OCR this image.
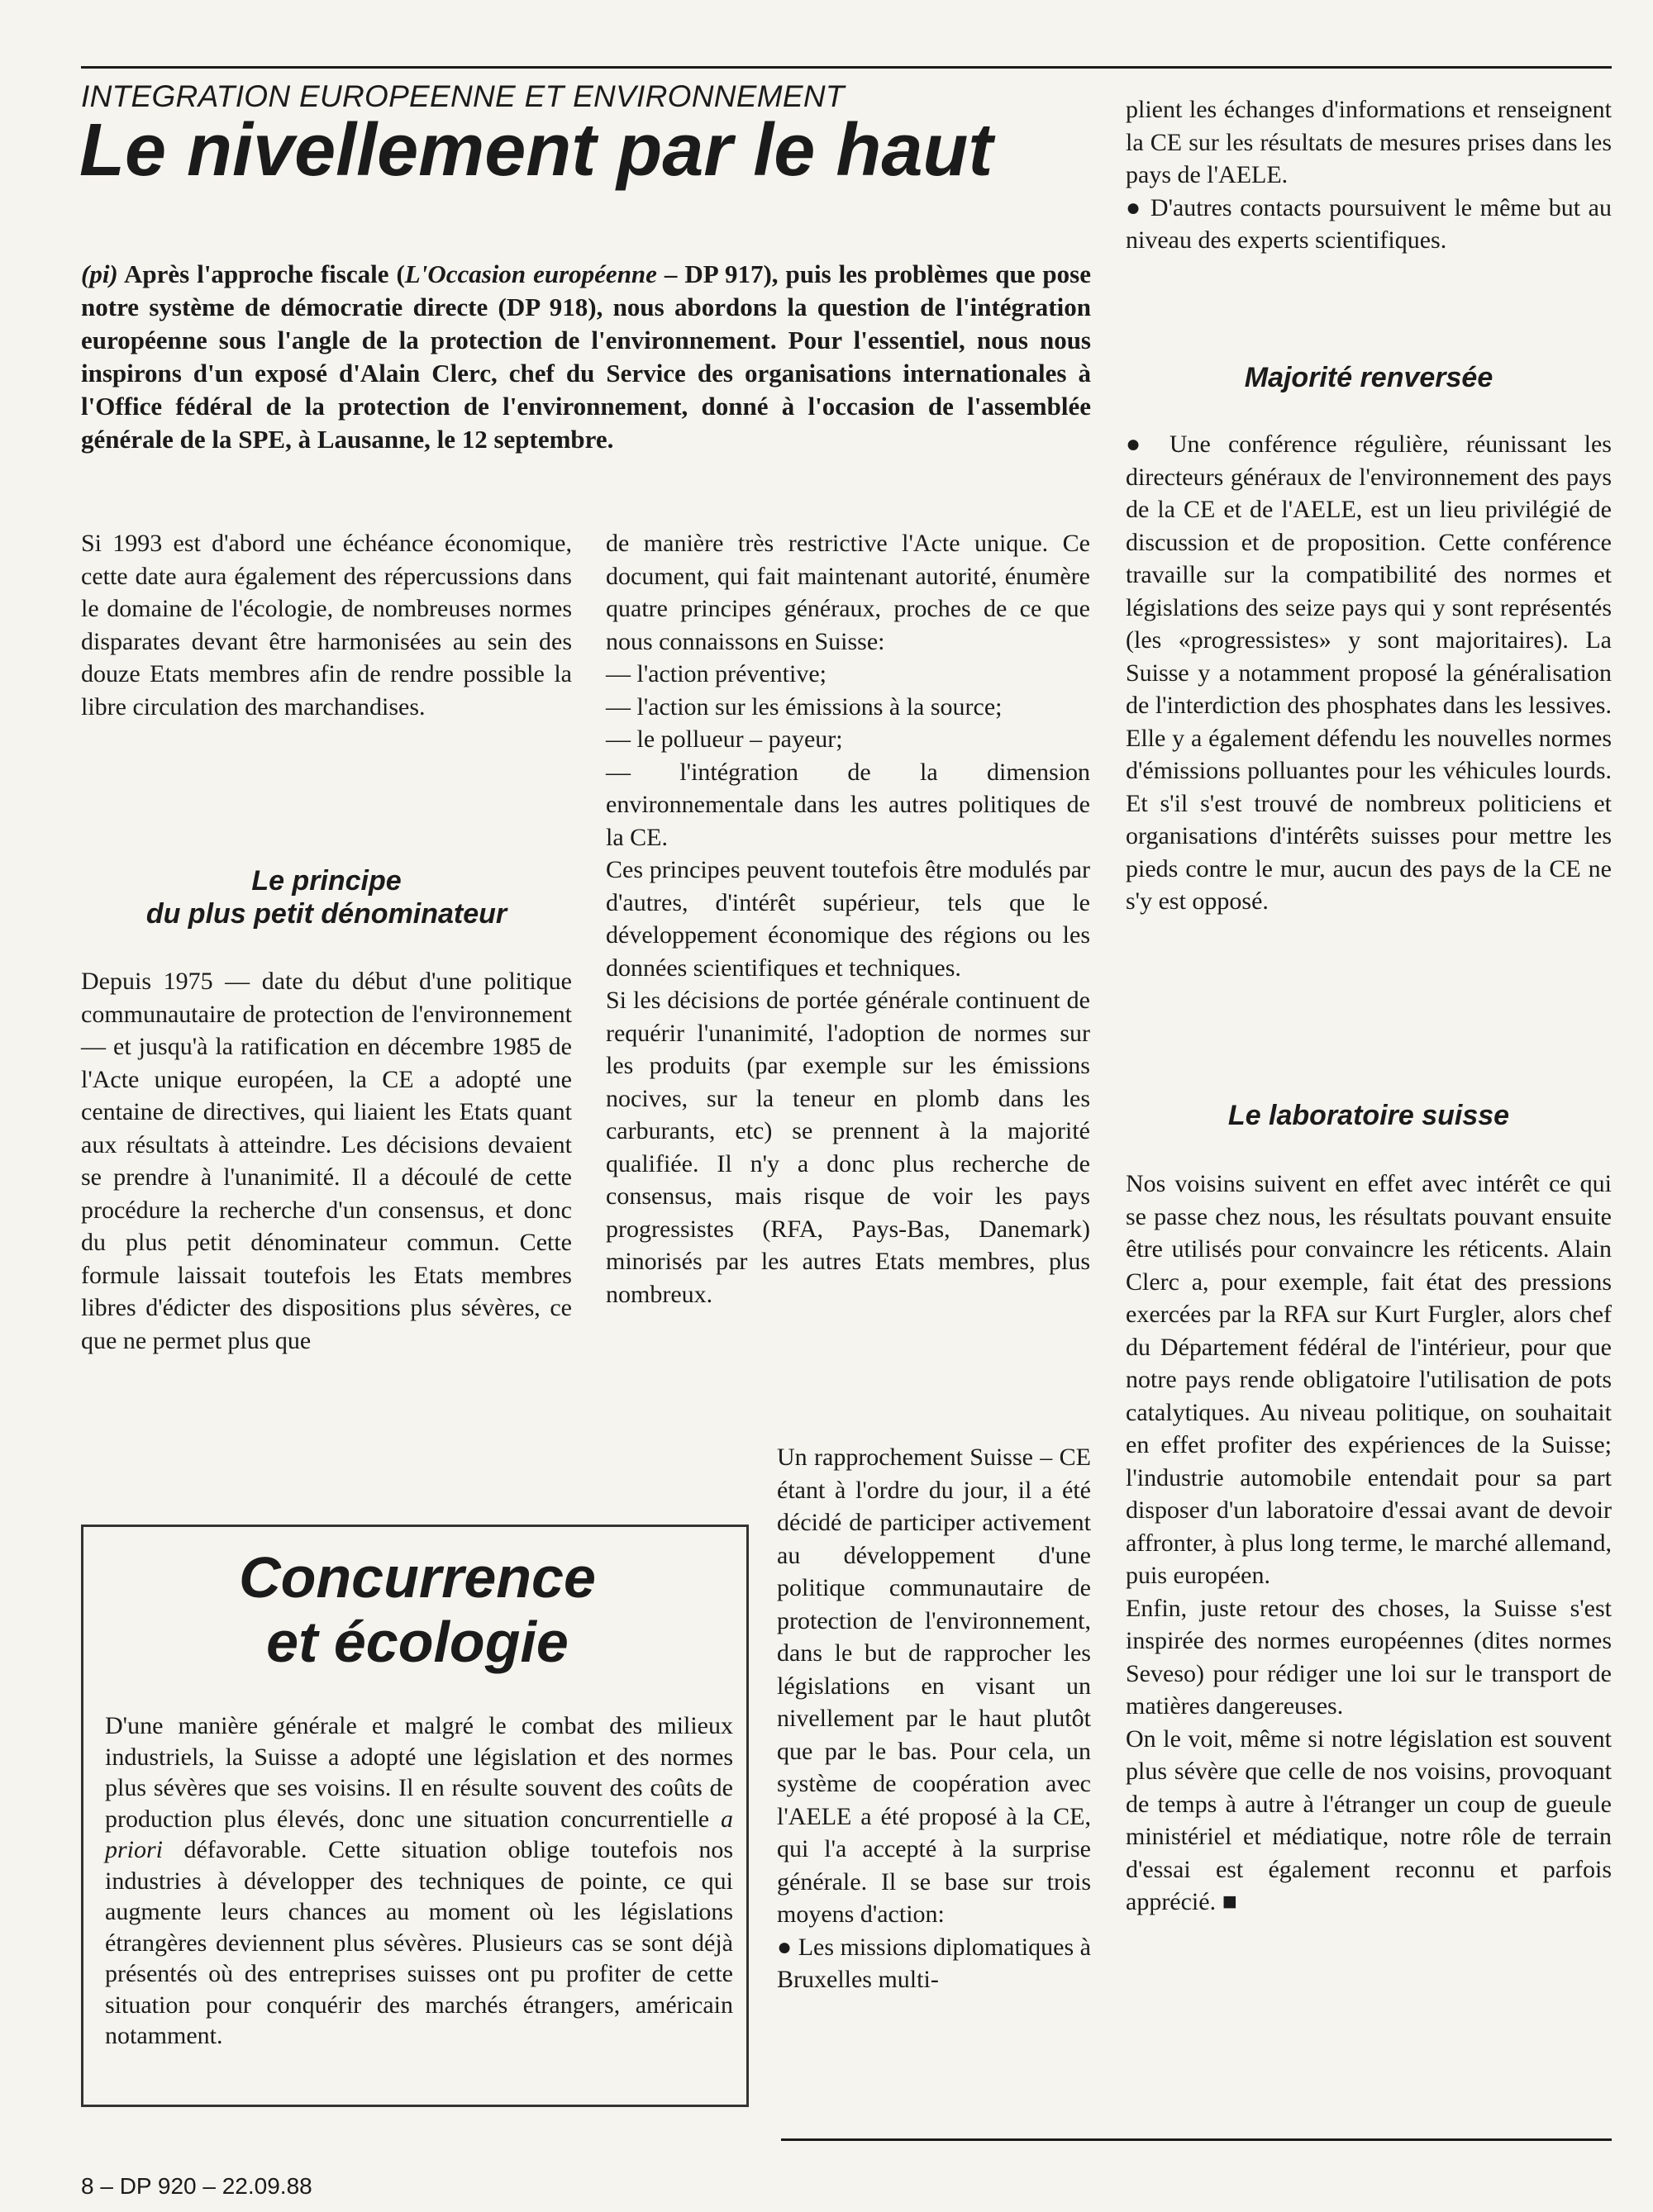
INTEGRATION EUROPEENNE ET ENVIRONNEMENT
Le nivellement par le haut
(pi) Après l'approche fiscale (L'Occasion européenne – DP 917), puis les problèmes que pose notre système de démocratie directe (DP 918), nous abordons la question de l'intégration européenne sous l'angle de la protection de l'environnement. Pour l'essentiel, nous nous inspirons d'un exposé d'Alain Clerc, chef du Service des organisations internationales à l'Office fédéral de la protection de l'environnement, donné à l'occasion de l'assemblée générale de la SPE, à Lausanne, le 12 septembre.

Si 1993 est d'abord une échéance économique, cette date aura également des répercussions dans le domaine de l'écologie, de nombreuses normes disparates devant être harmonisées au sein des douze Etats membres afin de rendre possible la libre circulation des marchandises.

Le principe
du plus petit dénominateur

Depuis 1975 — date du début d'une politique communautaire de protection de l'environnement — et jusqu'à la ratification en décembre 1985 de l'Acte unique européen, la CE a adopté une centaine de directives, qui liaient les Etats quant aux résultats à atteindre. Les décisions devaient se prendre à l'unanimité. Il a découlé de cette procédure la recherche d'un consensus, et donc du plus petit dénominateur commun. Cette formule laissait toutefois les Etats membres libres d'édicter des dispositions plus sévères, ce que ne permet plus que

de manière très restrictive l'Acte unique. Ce document, qui fait maintenant autorité, énumère quatre principes généraux, proches de ce que nous connaissons en Suisse:

— l'action préventive;

— l'action sur les émissions à la source;

— le pollueur – payeur;

— l'intégration de la dimension environnementale dans les autres politiques de la CE.

Ces principes peuvent toutefois être modulés par d'autres, d'intérêt supérieur, tels que le développement économique des régions ou les données scientifiques et techniques.

Si les décisions de portée générale continuent de requérir l'unanimité, l'adoption de normes sur les produits (par exemple sur les émissions nocives, sur la teneur en plomb dans les carburants, etc) se prennent à la majorité qualifiée. Il n'y a donc plus recherche de consensus, mais risque de voir les pays progressistes (RFA, Pays-Bas, Danemark) minorisés par les autres Etats membres, plus nombreux.

Un rapprochement Suisse – CE étant à l'ordre du jour, il a été décidé de participer activement au développement d'une politique communautaire de protection de l'environnement, dans le but de rapprocher les législations en visant un nivellement par le haut plutôt que par le bas. Pour cela, un système de coopération avec l'AELE a été proposé à la CE, qui l'a accepté à la surprise générale. Il se base sur trois moyens d'action:

● Les missions diplomatiques à Bruxelles multi-

plient les échanges d'informations et renseignent la CE sur les résultats de mesures prises dans les pays de l'AELE.

● D'autres contacts poursuivent le même but au niveau des experts scientifiques.

Majorité renversée

● Une conférence régulière, réunissant les directeurs généraux de l'environnement des pays de la CE et de l'AELE, est un lieu privilégié de discussion et de proposition. Cette conférence travaille sur la compatibilité des normes et législations des seize pays qui y sont représentés (les «progressistes» y sont majoritaires). La Suisse y a notamment proposé la généralisation de l'interdiction des phosphates dans les lessives. Elle y a également défendu les nouvelles normes d'émissions polluantes pour les véhicules lourds. Et s'il s'est trouvé de nombreux politiciens et organisations d'intérêts suisses pour mettre les pieds contre le mur, aucun des pays de la CE ne s'y est opposé.

Le laboratoire suisse

Nos voisins suivent en effet avec intérêt ce qui se passe chez nous, les résultats pouvant ensuite être utilisés pour convaincre les réticents. Alain Clerc a, pour exemple, fait état des pressions exercées par la RFA sur Kurt Furgler, alors chef du Département fédéral de l'intérieur, pour que notre pays rende obligatoire l'utilisation de pots catalytiques. Au niveau politique, on souhaitait en effet profiter des expériences de la Suisse; l'industrie automobile entendait pour sa part disposer d'un laboratoire d'essai avant de devoir affronter, à plus long terme, le marché allemand, puis européen.

Enfin, juste retour des choses, la Suisse s'est inspirée des normes européennes (dites normes Seveso) pour rédiger une loi sur le transport de matières dangereuses.

On le voit, même si notre législation est souvent plus sévère que celle de nos voisins, provoquant de temps à autre à l'étranger un coup de gueule ministériel et médiatique, notre rôle de terrain d'essai est également reconnu et parfois apprécié. ■

Concurrence
et écologie
D'une manière générale et malgré le combat des milieux industriels, la Suisse a adopté une législation et des normes plus sévères que ses voisins. Il en résulte souvent des coûts de production plus élevés, donc une situation concurrentielle a priori défavorable. Cette situation oblige toutefois nos industries à développer des techniques de pointe, ce qui augmente leurs chances au moment où les législations étrangères deviennent plus sévères. Plusieurs cas se sont déjà présentés où des entreprises suisses ont pu profiter de cette situation pour conquérir des marchés étrangers, américain notamment.
8 – DP 920 – 22.09.88
